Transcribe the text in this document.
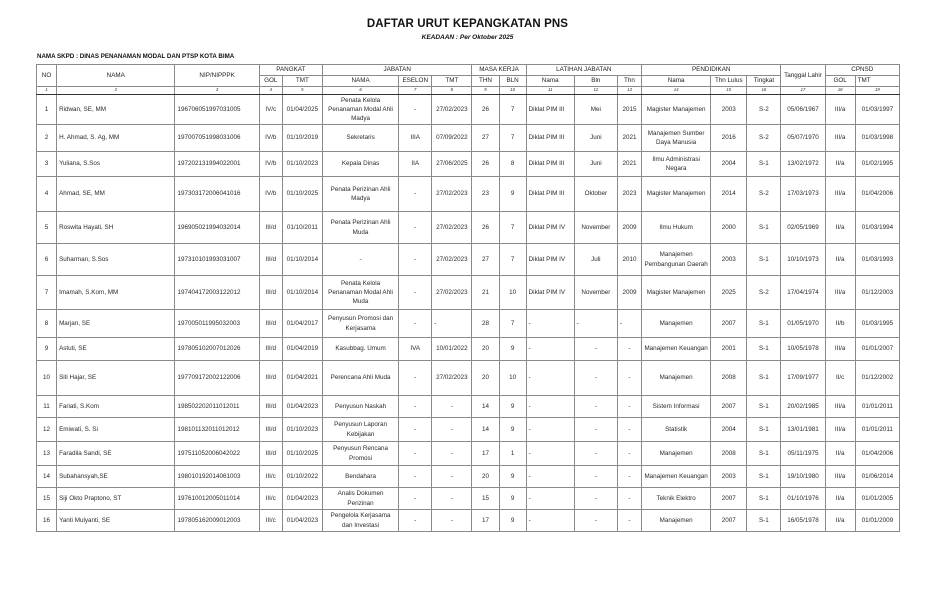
DAFTAR URUT KEPANGKATAN PNS
KEADAAN : Per Oktober 2025
NAMA SKPD : DINAS PENANAMAN MODAL DAN PTSP KOTA BIMA
NO	NAMA	NIP/NIPPPK	PANGKAT		JABATAN			MASA KERJA		LATIHAN JABATAN			PENDIDIKAN			Tanggal Lahir	CPNSD	
			GOL	TMT	NAMA	ESELON	TMT	THN	BLN	Nama	Bln	Thn	Nama	Thn Lulus	Tingkat		GOL	TMT
1	2	3	4	5	6	7	8	9	10	11	12	13	14	15	16	17	18	19
1	Ridwan, SE, MM	196706051997031005	IV/c	01/04/2025	Penata Kelola Penanaman Modal Ahli Madya	-	27/02/2023	26	7	Diklat PIM III	Mei	2015	Magister Manajemen	2003	S-2	05/06/1967	III/a	01/03/1997
2	H. Ahmad, S. Ag, MM	197007051998031006	IV/b	01/10/2019	Sekretaris	IIIA	07/09/2022	27	7	Diklat PIM III	Juni	2021	Manajemen Sumber Daya Manusia	2016	S-2	05/07/1970	III/a	01/03/1998
3	Yuliana, S.Sos	197202131994022001	IV/b	01/10/2023	Kepala Dinas	IIA	27/06/2025	26	8	Diklat PIM III	Juni	2021	Ilmu Administrasi Negara	2004	S-1	13/02/1972	II/a	01/02/1995
4	Ahmad, SE, MM	197303172006041016	IV/b	01/10/2025	Penata Perizinan Ahli Madya	-	27/02/2023	23	9	Diklat PIM III	Oktober	2023	Magister Manajemen	2014	S-2	17/03/1973	III/a	01/04/2006
5	Roswita Hayati, SH	196905021994032014	III/d	01/10/2011	Penata Perizinan Ahli Muda	-	27/02/2023	26	7	Diklat PIM IV	November	2009	Ilmu Hukum	2000	S-1	02/05/1969	II/a	01/03/1994
6	Suharman, S.Sos	197310101993031007	III/d	01/10/2014	-	-	27/02/2023	27	7	Diklat PIM IV	Juli	2010	Manajemen Pembangunan Daerah	2003	S-1	10/10/1973	II/a	01/03/1993
7	Imamah, S.Kom, MM	197404172003122012	III/d	01/10/2014	Penata Kelola Penanaman Modal Ahli Muda	-	27/02/2023	21	10	Diklat PIM IV	November	2009	Magister Manajemen	2025	S-2	17/04/1974	III/a	01/12/2003
8	Marjan, SE	197005011995032003	III/d	01/04/2017	Penyusun Promosi dan Kerjasama	-	-	28	7	-	-	-	Manajemen	2007	S-1	01/05/1970	II/b	01/03/1995
9	Astuti, SE	197805102007012026	III/d	01/04/2019	Kasubbag. Umum	IVA	10/01/2022	20	9	-	-	-	Manajemen Keuangan	2001	S-1	10/05/1978	III/a	01/01/2007
10	Siti Hajar, SE	197709172002122006	III/d	01/04/2021	Perencana Ahli Muda	-	27/02/2023	20	10	-	-	-	Manajemen	2008	S-1	17/09/1977	II/c	01/12/2002
11	Fariati, S.Kom	198502202011012011	III/d	01/04/2023	Penyusun Naskah	-	-	14	9	-	-	-	Sistem Informasi	2007	S-1	20/02/1985	III/a	01/01/2011
12	Emiwati, S. Si	198101132011012012	III/d	01/10/2023	Penyusun Laporan Kebijakan	-	-	14	9	-	-	-	Statistik	2004	S-1	13/01/1981	III/a	01/01/2011
13	Faradila Sandi, SE	197511052006042022	III/d	01/10/2025	Penyusun Rencana Promosi	-	-	17	1	-	-	-	Manajemen	2008	S-1	05/11/1975	II/a	01/04/2006
14	Subahansyah,SE	198010192014061003	III/c	01/10/2022	Bendahara	-	-	20	9	-	-	-	Manajemen Keuangan	2003	S-1	19/10/1980	III/a	01/06/2014
15	Siji Okto Praptono, ST	197610012005011014	III/c	01/04/2023	Analis Dokumen Perizinan	-	-	15	9	-	-	-	Teknik Elektro	2007	S-1	01/10/1976	II/a	01/01/2005
16	Yanti Mulyanti, SE	197805162009012003	III/c	01/04/2023	Pengelola Kerjasama dan Investasi	-	-	17	9	-	-	-	Manajemen	2007	S-1	16/05/1978	II/a	01/01/2009
